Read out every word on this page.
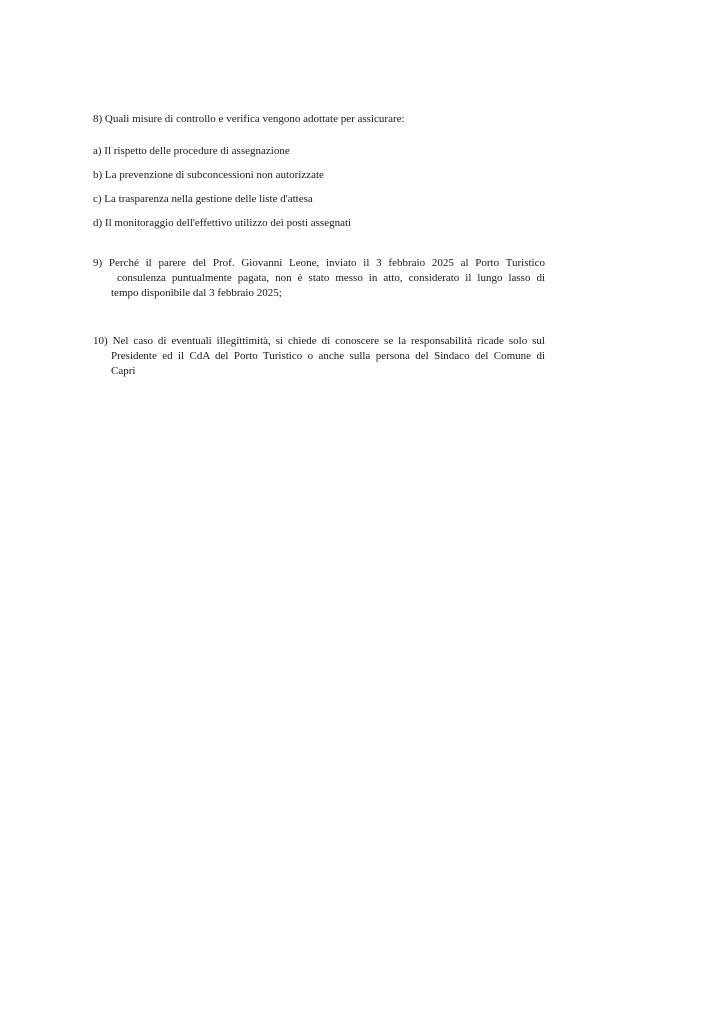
8) Quali misure di controllo e verifica vengono adottate per assicurare:
a) Il rispetto delle procedure di assegnazione
b) La prevenzione di subconcessioni non autorizzate
c) La trasparenza nella gestione delle liste d'attesa
d) Il monitoraggio dell'effettivo utilizzo dei posti assegnati
9) Perché il parere del Prof. Giovanni Leone, inviato il 3 febbraio 2025 al Porto Turistico
consulenza puntualmente pagata, non è stato messo in atto, considerato il lungo lasso di
tempo disponibile dal 3 febbraio 2025;
10) Nel caso di eventuali illegittimità, si chiede di conoscere se la responsabilità ricade solo sul
Presidente ed il CdA del Porto Turistico o anche sulla persona del Sindaco del Comune di
Capri
